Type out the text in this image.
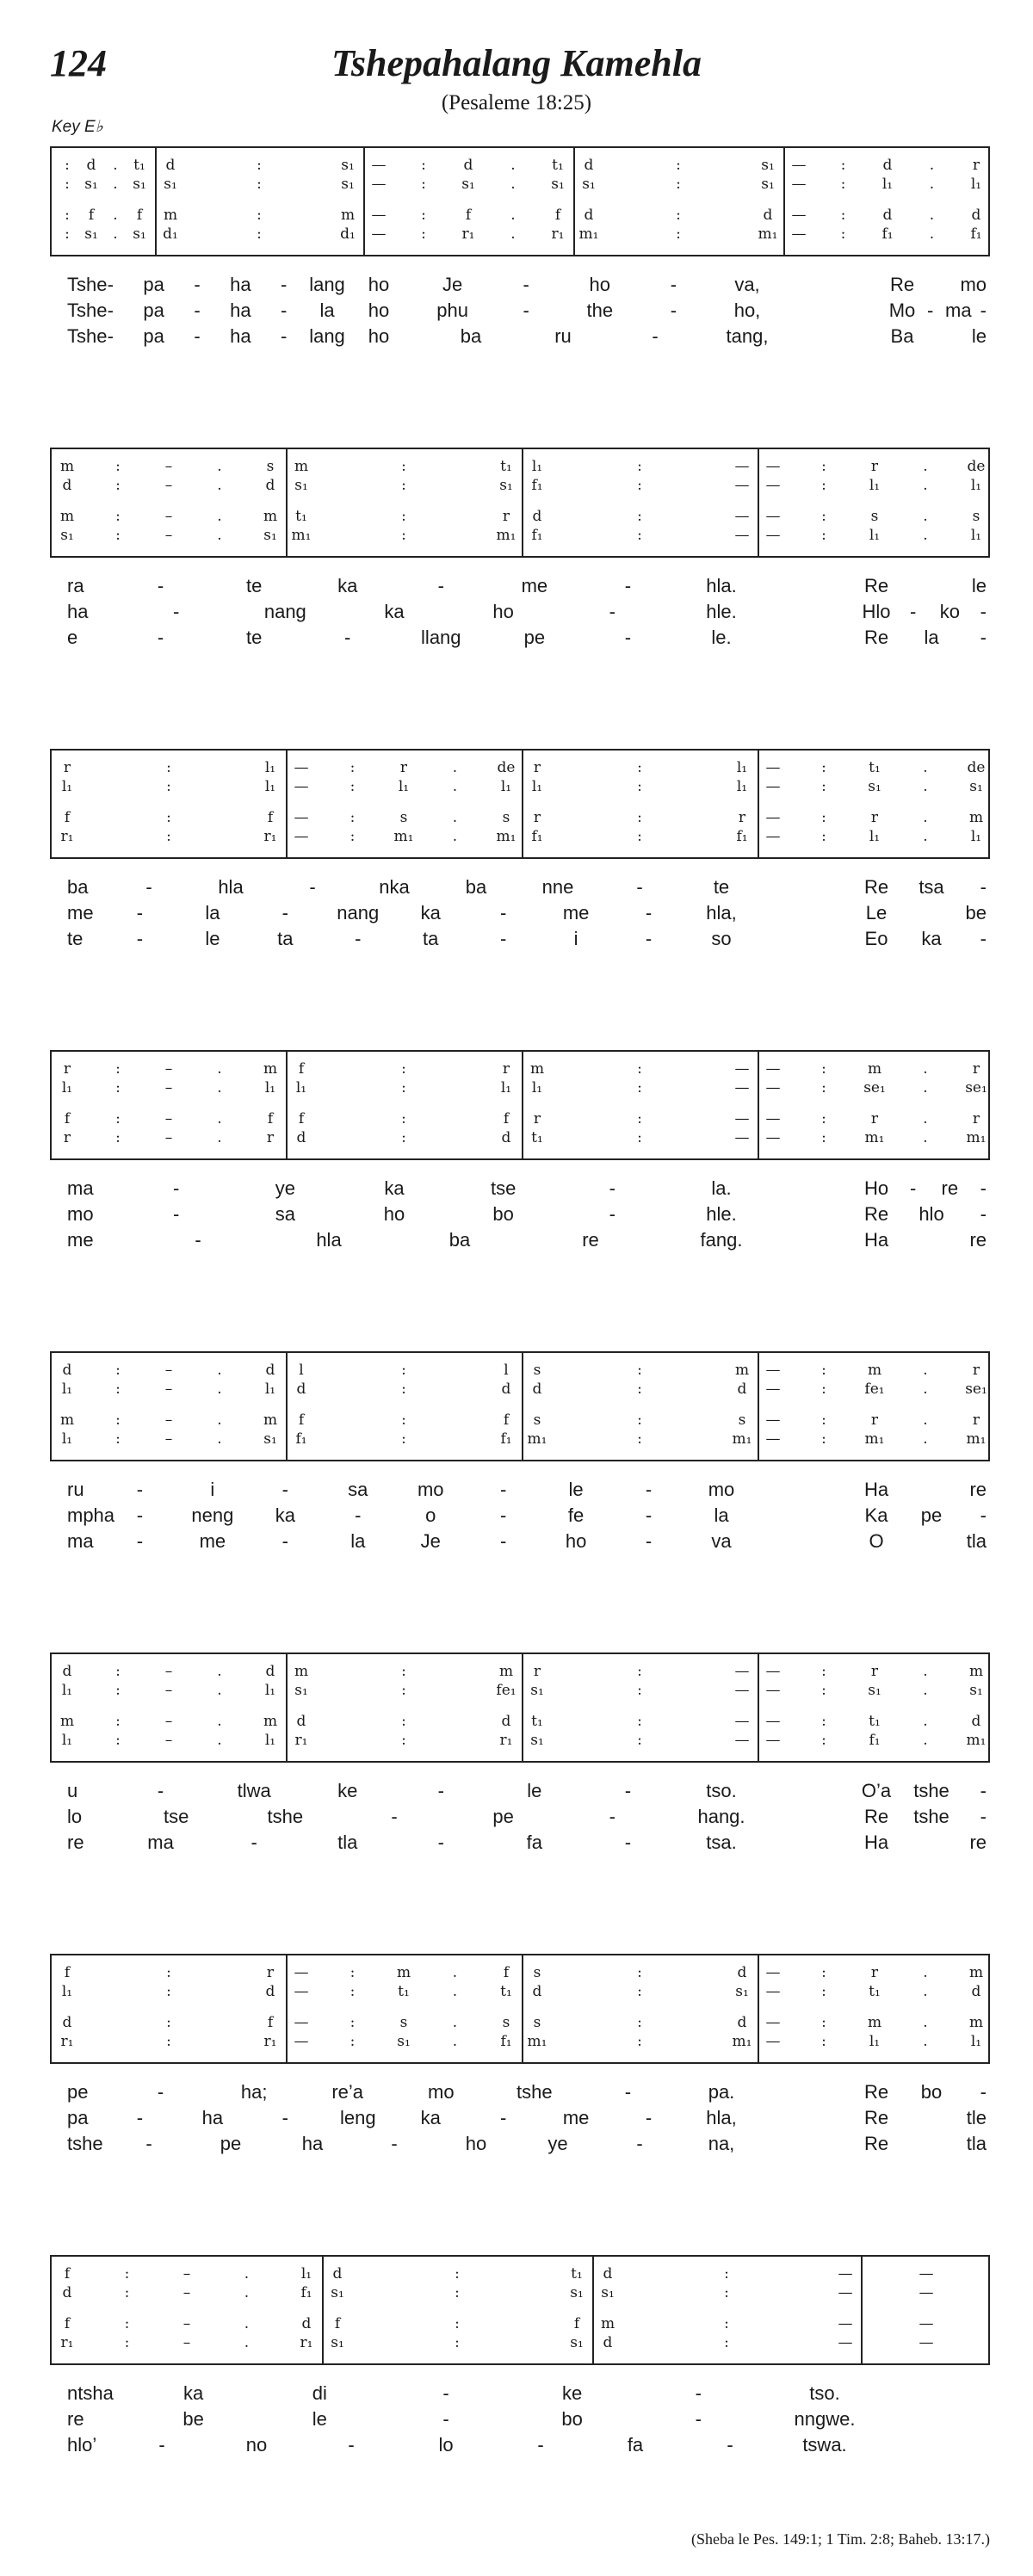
124	Tshepahalang Kamehla
(Pesaleme 18:25)
Key E♭
: d . t₁ d	:	s₁ — :	d	. t₁ d	:	s₁ — :	d	.	r
: s₁ . s₁ s₁	:	s₁ — : s₁ . s₁ s₁	:	s₁ — :	l₁	.	l₁
: f . f m	:	m — :	f	.	f d	:	d — :	d	.	d
: s₁ . s₁ d₁	:	d₁ — : r₁ . r₁ m₁	:	m₁ — : f₁ . f₁
Tshe - pa - ha - lang ho	Je	-	ho	-	va,	Re mo
Tshe - pa - ha - la ho phu	-	the	-	ho,	Mo - ma -
Tshe - pa - ha - lang ho	ba	ru	-	tang,	Ba	le
m	:	–	.	s m	:	t₁ l₁	:	— —	:	r	.	de
d	:	–	.	d s₁	:	s₁ f₁	:	— —	:	l₁	.	l₁
m	:	–	.	m t₁	:	r d	:	— —	:	s	.	s
s₁	:	–	.	s₁ m₁	:	m₁ f₁	:	— —	:	l₁	.	l₁
ra	-	te	ka	-	me	-	hla.	Re	le
ha	-	nang	ka	ho	-	hle.	Hlo - ko -
e	-	te	-	llang	pe	-	le.	Re la -
r	:	l₁ —	:	r	.	de r	:	l₁ —	:	t₁	.	de
l₁	:	l₁ —	:	l₁	.	l₁ l₁	:	l₁ —	:	s₁	.	s₁
f	:	f —	:	s	.	s r	:	r —	:	r	.	m
r₁	:	r₁ —	:	m₁	.	m₁ f₁	:	f₁ —	:	l₁	.	l₁
ba	-	hla	-	nka	ba	nne	-	te	Re tsa -
me -	la	-	nang ka	-	me	-	hla,	Le	be
te	-	le	ta	-	ta	-	i	-	so	Eo ka -
r	:	–	.	m f	:	r m	:	— —	:	m	.	r
l₁	:	–	.	l₁ l₁	:	l₁ l₁	:	— —	:	se₁	.	se₁
f	:	–	.	f f	:	f r	:	— —	:	r	.	r
r	:	–	.	r d	:	d t₁	:	— —	:	m₁	.	m₁
ma	-	ye	ka	tse	-	la.	Ho - re -
mo	-	sa	ho	bo	-	hle.	Re hlo -
me	-	hla	ba	re	fang.	Ha	re
d	:	–	.	d l	:	l s	:	m —	:	m	.	r
l₁	:	–	.	l₁ d	:	d d	:	d —	:	fe₁	.	se₁
m	:	–	.	m f	:	f s	:	s —	:	r	.	r
l₁	:	–	.	s₁ f₁	:	f₁ m₁	:	m₁ —	:	m₁	.	m₁
ru	-	i	-	sa	mo	-	le	-	mo	Ha	re
mpha -	neng ka	-	o	-	fe	-	la	Ka pe -
ma -	me	-	la	Je	-	ho	-	va	O	tla
d	:	–	.	d m	:	m r	:	— —	:	r	.	m
l₁	:	–	.	l₁ s₁	:	fe₁ s₁	:	— —	:	s₁	.	s₁
m	:	–	.	m d	:	d t₁	:	— —	:	t₁	.	d
l₁	:	–	.	l₁ r₁	:	r₁ s₁	:	— —	:	f₁	.	m₁
u	-	tlwa	ke	-	le	-	tso.	O’a tshe -
lo	tse	tshe	-	pe	-	hang.	Re tshe -
re	ma	-	tla	-	fa	-	tsa.	Ha	re
f	:	r —	:	m	.	f s	:	d —	:	r	.	m
l₁	:	d —	:	t₁	.	t₁ d	:	s₁ —	:	t₁	.	d
d	:	f —	:	s	.	s s	:	d —	:	m	.	m
r₁	:	r₁ —	:	s₁	.	f₁ m₁	:	m₁ —	:	l₁	.	l₁
pe	-	ha;	re’a	mo	tshe	-	pa.	Re bo -
pa	-	ha	-	leng ka	-	me	-	hla,	Re	tle
tshe -	pe	ha	-	ho	ye	-	na,	Re	tla
f	:	–	.	l₁ d	:	t₁ d	:	—	—
d	:	–	.	f₁ s₁	:	s₁ s₁	:	—	—
f	:	–	.	d f	:	f m	:	—	—
r₁	:	–	.	r₁ s₁	:	s₁ d	:	—	—
ntsha	ka	di	-	ke	-	tso.
re	be	le	-	bo	-	nngwe.
hlo’	-	no	-	lo	-	fa	-	tswa.
(Sheba le Pes. 149:1; 1 Tim. 2:8; Baheb. 13:17.)
